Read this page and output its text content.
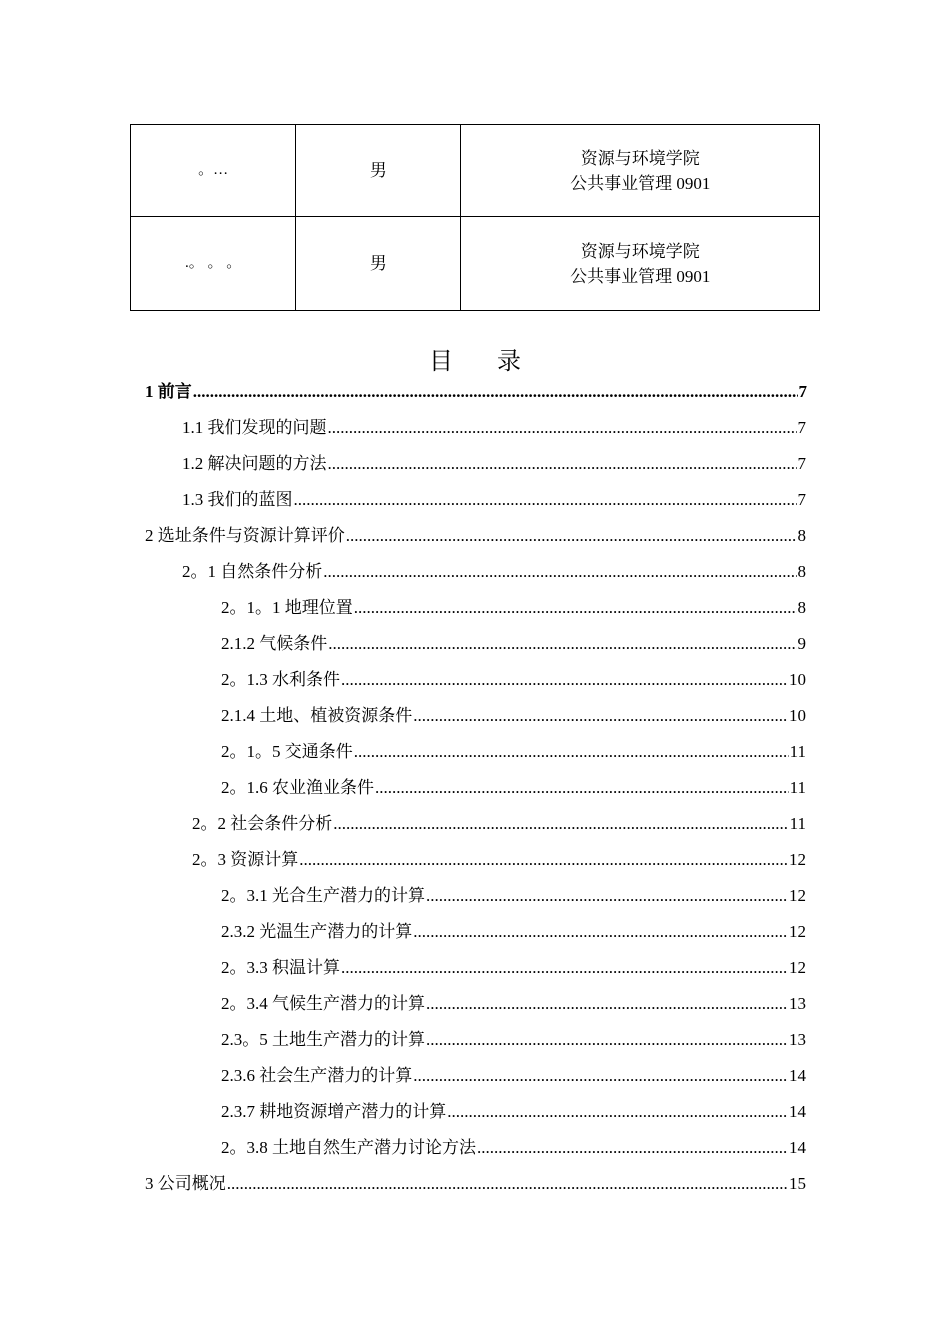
。…	男	资源与环境学院
公共事业管理 0901

.。 。 。	男	资源与环境学院
公共事业管理 0901
目录
1 前言 .....	7
1.1 我们发现的问题 .....	7
1.2 解决问题的方法 .....	7
1.3 我们的蓝图 .....	7
2 选址条件与资源计算评价 .....	8
2。1 自然条件分析 .....	8
2。1。1 地理位置 .....	8
2.1.2 气候条件 .....	9
2。1.3 水利条件 .....	10
2.1.4 土地、植被资源条件 .....	10
2。1。5 交通条件 .....	11
2。1.6 农业渔业条件 .....	11
2。2 社会条件分析 .....	11
2。3 资源计算 .....	12
2。3.1 光合生产潜力的计算 .....	12
2.3.2 光温生产潜力的计算 .....	12
2。3.3 积温计算 .....	12
2。3.4 气候生产潜力的计算 .....	13
2.3。5 土地生产潜力的计算 .....	13
2.3.6 社会生产潜力的计算 .....	14
2.3.7 耕地资源增产潜力的计算 .....	14
2。3.8 土地自然生产潜力讨论方法 .....	14
3 公司概况 .....	15
